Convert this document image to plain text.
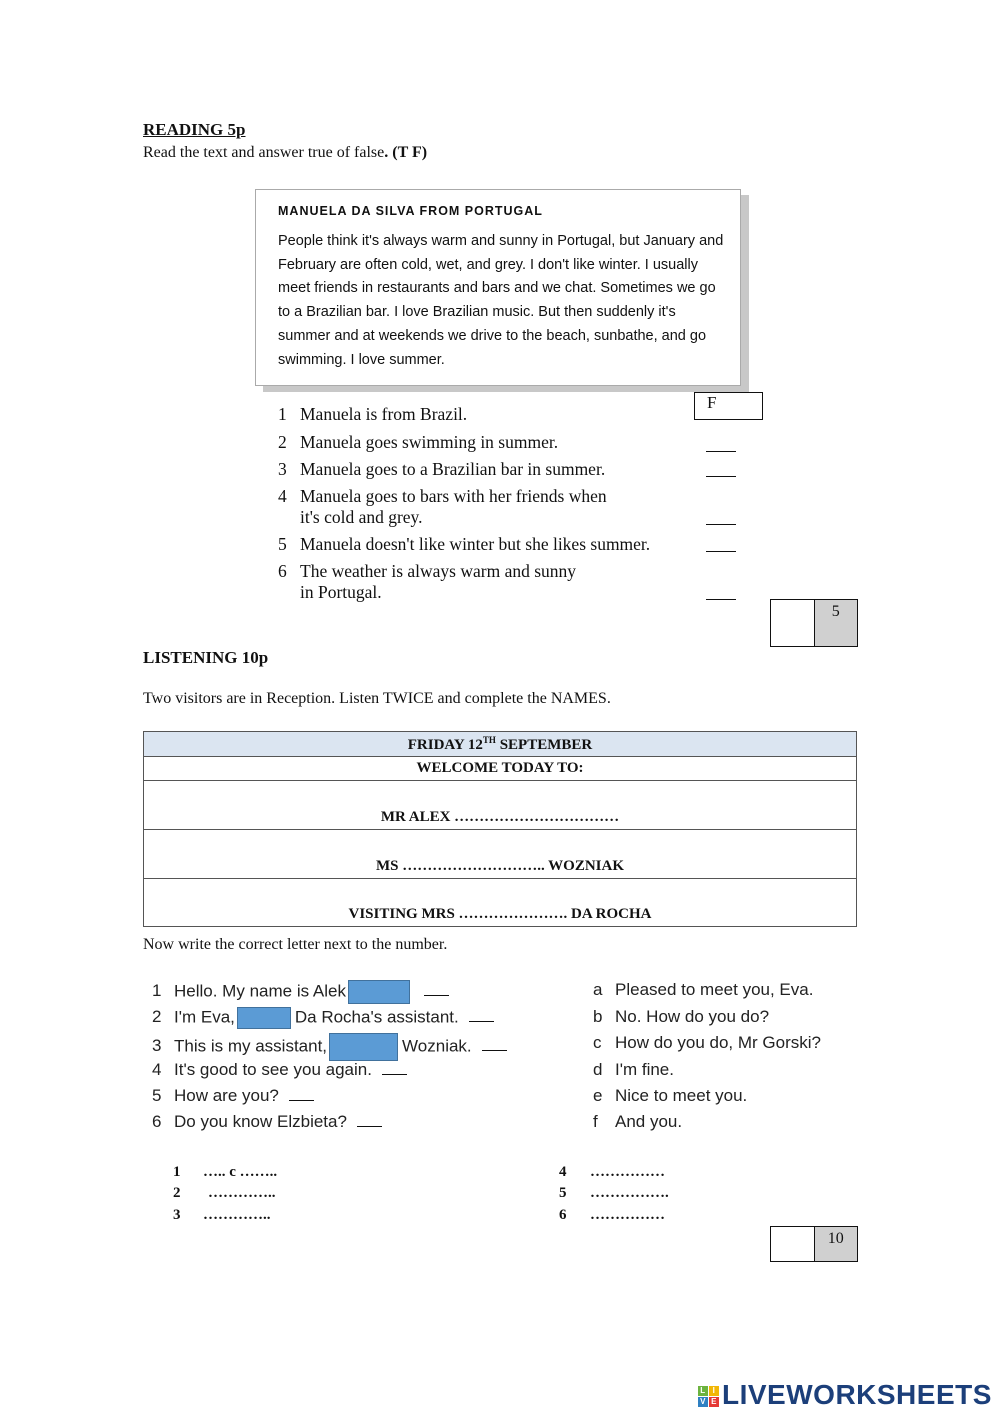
READING 5p
Read the text and answer true of false. (T F)
MANUELA DA SILVA FROM PORTUGAL
People think it's always warm and sunny in Portugal, but January and February are often cold, wet, and grey. I don't like winter. I usually meet friends in restaurants and bars and we chat. Sometimes we go to a Brazilian bar. I love Brazilian music. But then suddenly it's summer and at weekends we drive to the beach, sunbathe, and go swimming. I love summer.
1 Manuela is from Brazil.
F
2 Manuela goes swimming in summer.
3 Manuela goes to a Brazilian bar in summer.
4 Manuela goes to bars with her friends when
it's cold and grey.
5 Manuela doesn't like winter but she likes summer.
6 The weather is always warm and sunny
in Portugal.
5
LISTENING 10p
Two visitors are in Reception. Listen TWICE and complete the NAMES.
FRIDAY 12TH SEPTEMBER
WELCOME TODAY TO:
MR ALEX ……………………………
MS ……………………….. WOZNIAK
VISITING MRS …………………. DA ROCHA
Now write the correct letter next to the number.
1 Hello. My name is Alek
2 I'm Eva,	Da Rocha's assistant.
3 This is my assistant,	Wozniak.
4 It's good to see you again.
5 How are you?
6 Do you know Elzbieta?
a Pleased to meet you, Eva.
b No. How do you do?
c How do you do, Mr Gorski?
d I'm fine.
e Nice to meet you.
f And you.
1 ….. c ……..
2 …………..
3 …………..
4 ……………
5 …………….
6 ……………
10
L I
V E LIVEWORKSHEETS
